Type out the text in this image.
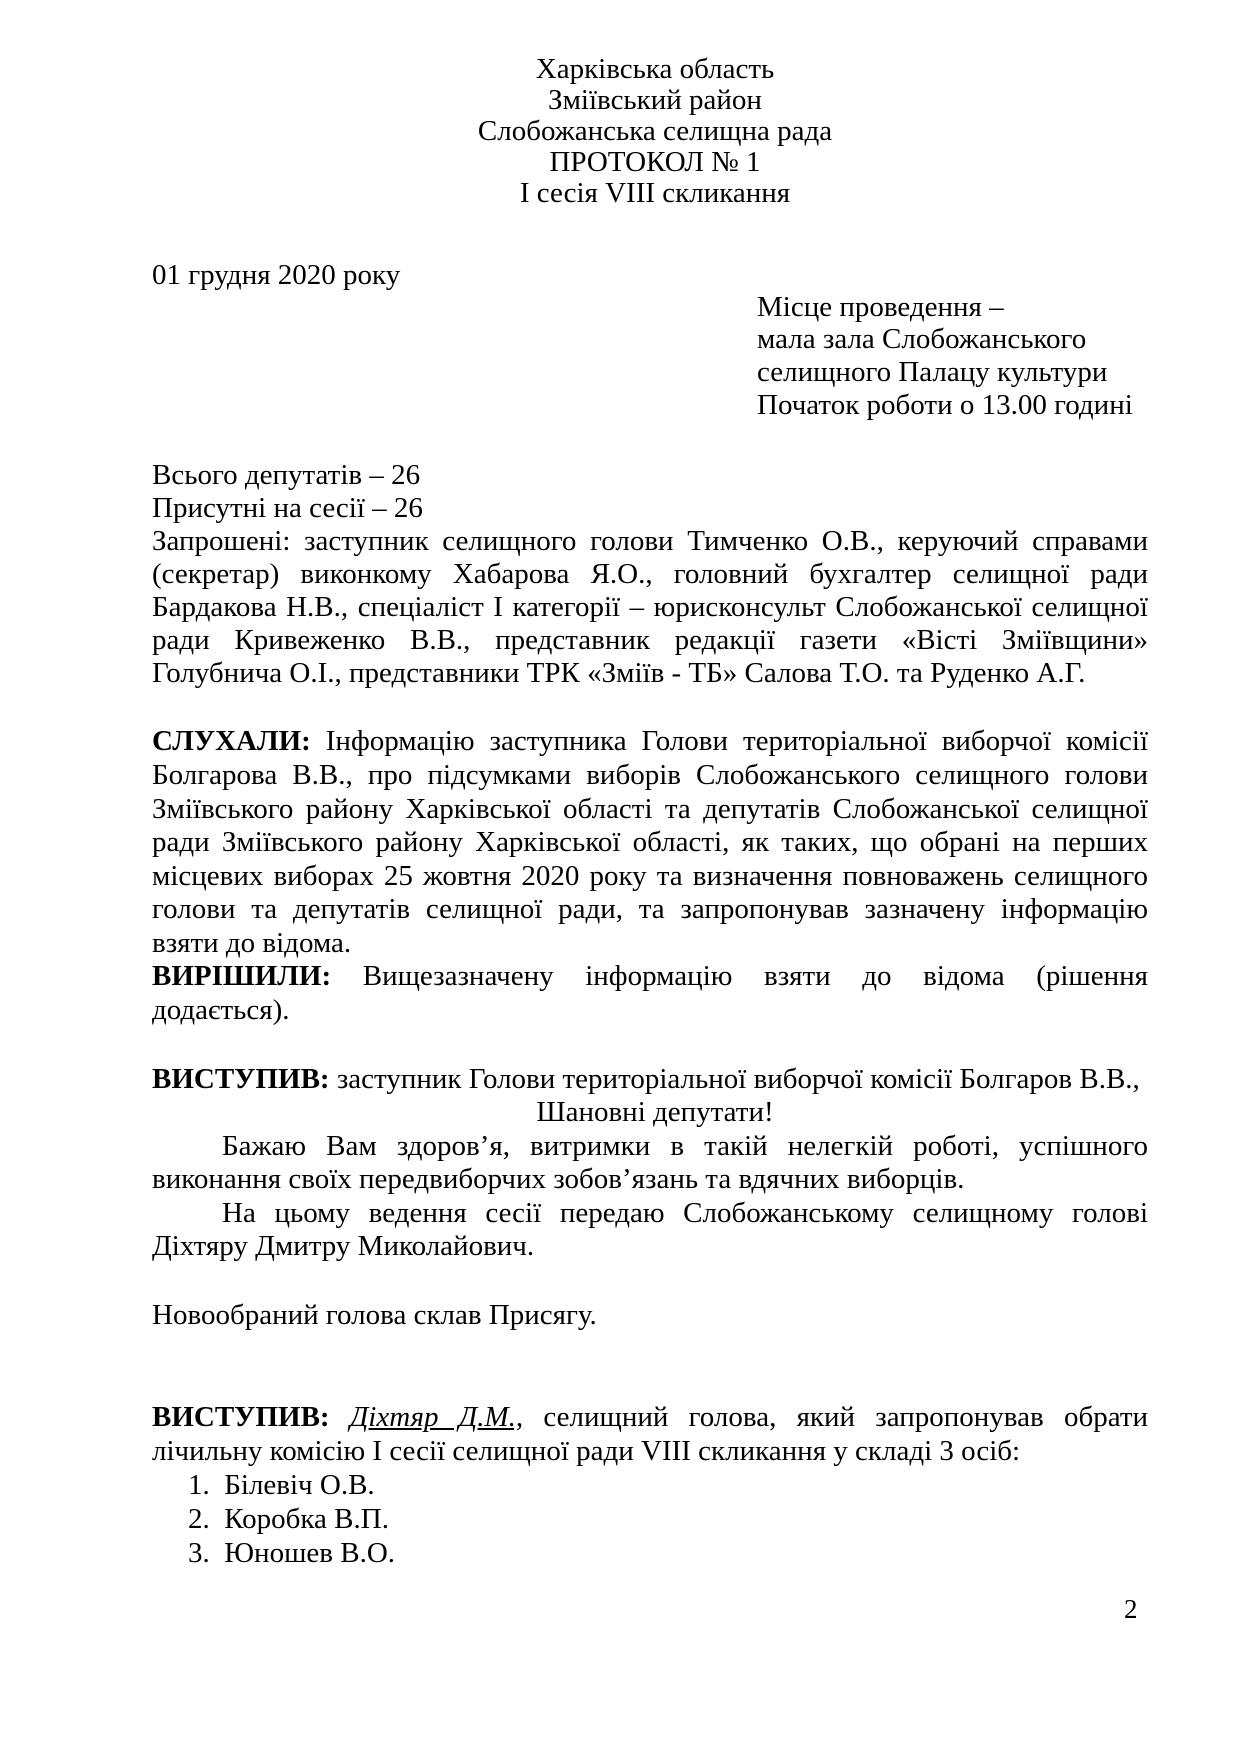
Харківська область
Зміївський район
Слобожанська селищна рада
ПРОТОКОЛ № 1
І сесія VІІІ скликання
01 грудня 2020 року
Місце проведення –
мала зала Слобожанського
селищного Палацу культури
Початок роботи о 13.00 годині
Всього депутатів – 26
Присутні на сесії – 26
Запрошені: заступник селищного голови Тимченко О.В., керуючий справами
(секретар) виконкому Хабарова Я.О., головний бухгалтер селищної ради
Бардакова Н.В., спеціаліст І категорії – юрисконсульт Слобожанської селищної
ради Кривеженко В.В., представник редакції газети «Вісті Зміївщини»
Голубнича О.І., представники ТРК «Зміїв - ТБ» Салова Т.О. та Руденко А.Г.
СЛУХАЛИ: Інформацію заступника Голови територіальної виборчої комісії
Болгарова В.В., про підсумками виборів Слобожанського селищного голови
Зміївського району Харківської області та депутатів Слобожанської селищної
ради Зміївського району Харківської області, як таких, що обрані на перших
місцевих виборах 25 жовтня 2020 року та визначення повноважень селищного
голови та депутатів селищної ради, та запропонував зазначену інформацію
взяти до відома.
ВИРІШИЛИ: Вищезазначену інформацію взяти до відома (рішення
додається).
ВИСТУПИВ: заступник Голови територіальної виборчої комісії Болгаров В.В.,
Шановні депутати!
Бажаю Вам здоров’я, витримки в такій нелегкій роботі, успішного
виконання своїх передвиборчих зобов’язань та вдячних виборців.
На цьому ведення сесії передаю Слобожанському селищному голові
Діхтяру Дмитру Миколайович.
Новообраний голова склав Присягу.
ВИСТУПИВ: Діхтяр Д.М., селищний голова, який запропонував обрати
лічильну комісію І сесії селищної ради VІІІ скликання у складі 3 осіб:
1. Білевіч О.В.
2. Коробка В.П.
3. Юношев В.О.
2
